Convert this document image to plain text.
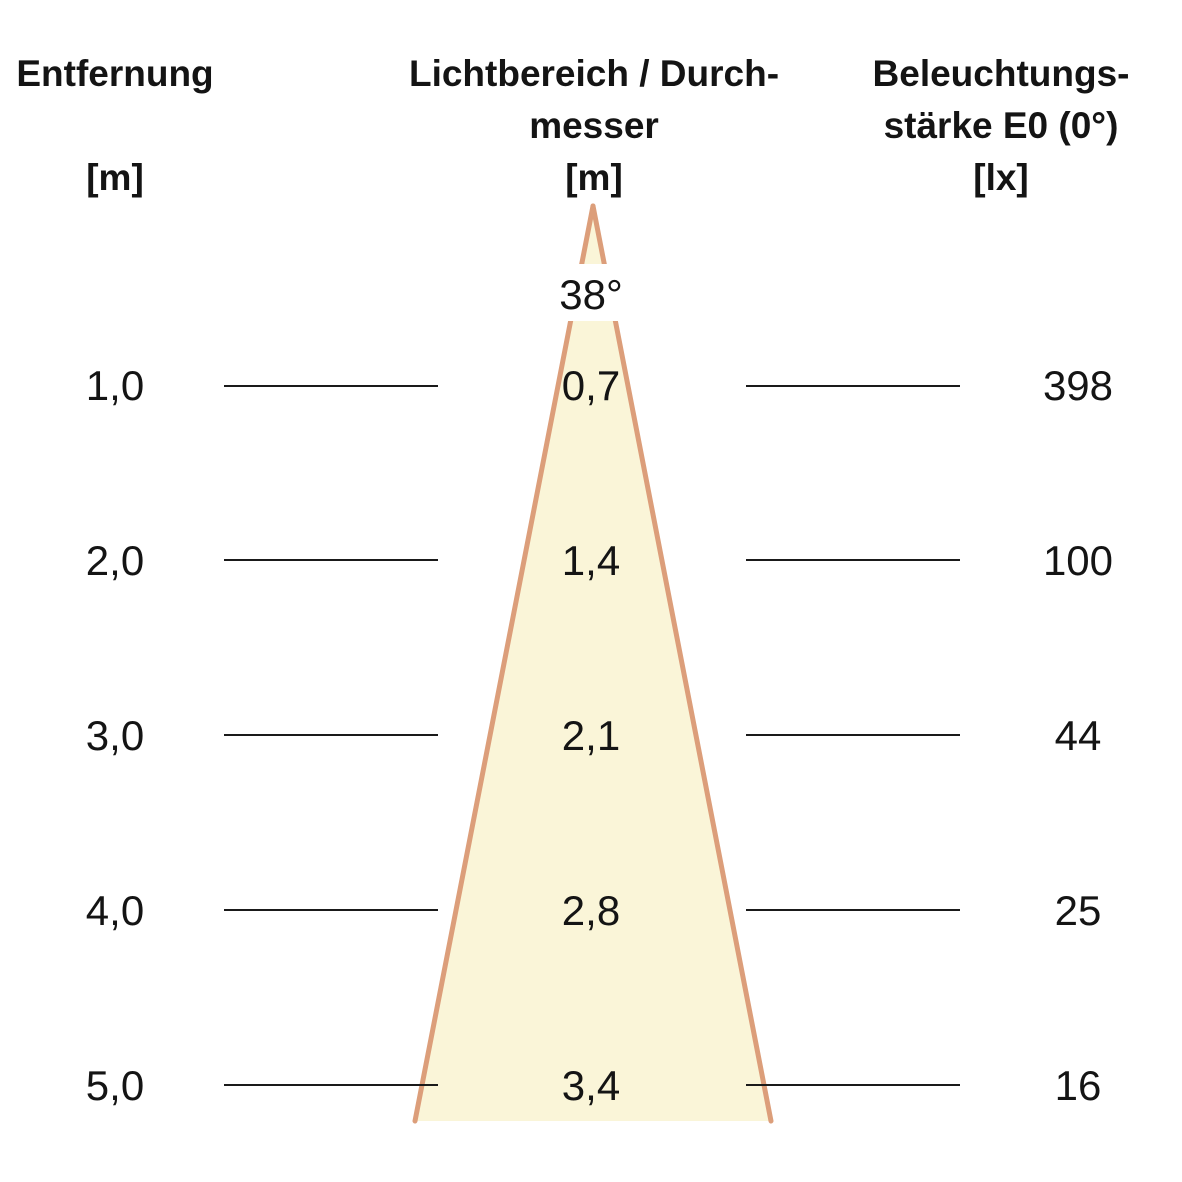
Entfernung
[m]
Lichtbereich / Durch-
messer
[m]
Beleuchtungs-
stärke E0 (0°)
[lx]
38°
1,0	0,7	398
2,0	1,4	100
3,0	2,1	44
4,0	2,8	25
5,0	3,4	16
